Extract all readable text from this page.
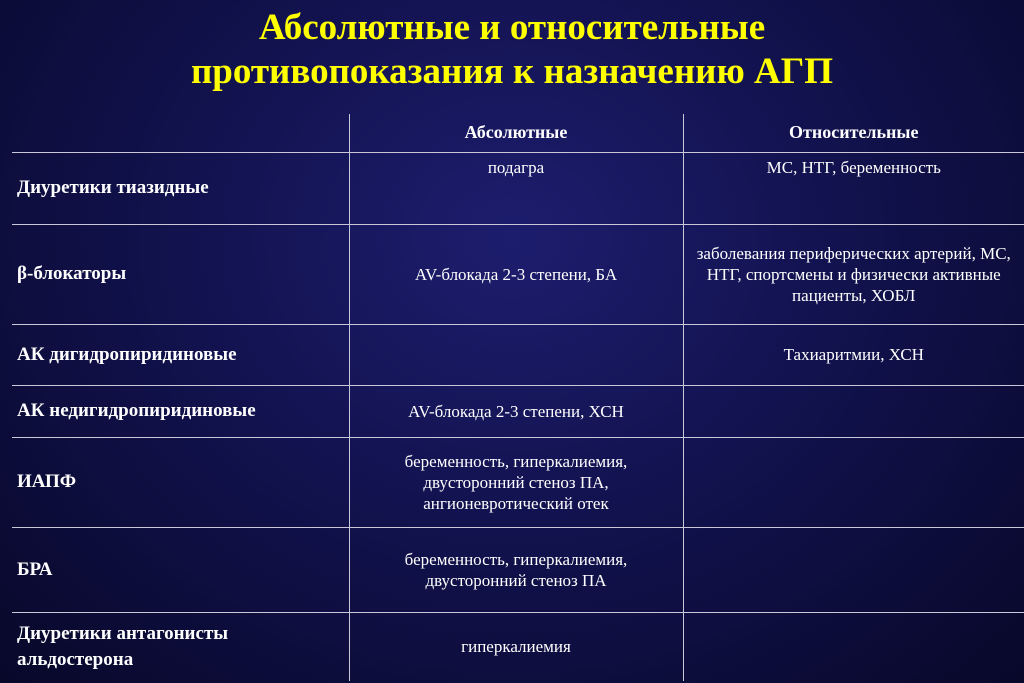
Абсолютные и относительные
противопоказания к назначению АГП
	Абсолютные	Относительные
Диуретики тиазидные	подагра	МС, НТГ, беременность
β-блокаторы	AV-блокада 2-3 степени, БА	заболевания периферических артерий, МС, НТГ, спортсмены и физически активные пациенты, ХОБЛ
АК дигидропиридиновые		Тахиаритмии, ХСН
АК недигидропиридиновые	AV-блокада 2-3 степени, ХСН	
ИАПФ	беременность, гиперкалиемия, двусторонний стеноз ПА, ангионевротический отек	
БРА	беременность, гиперкалиемия, двусторонний стеноз ПА	
Диуретики антагонисты альдостерона	гиперкалиемия	
